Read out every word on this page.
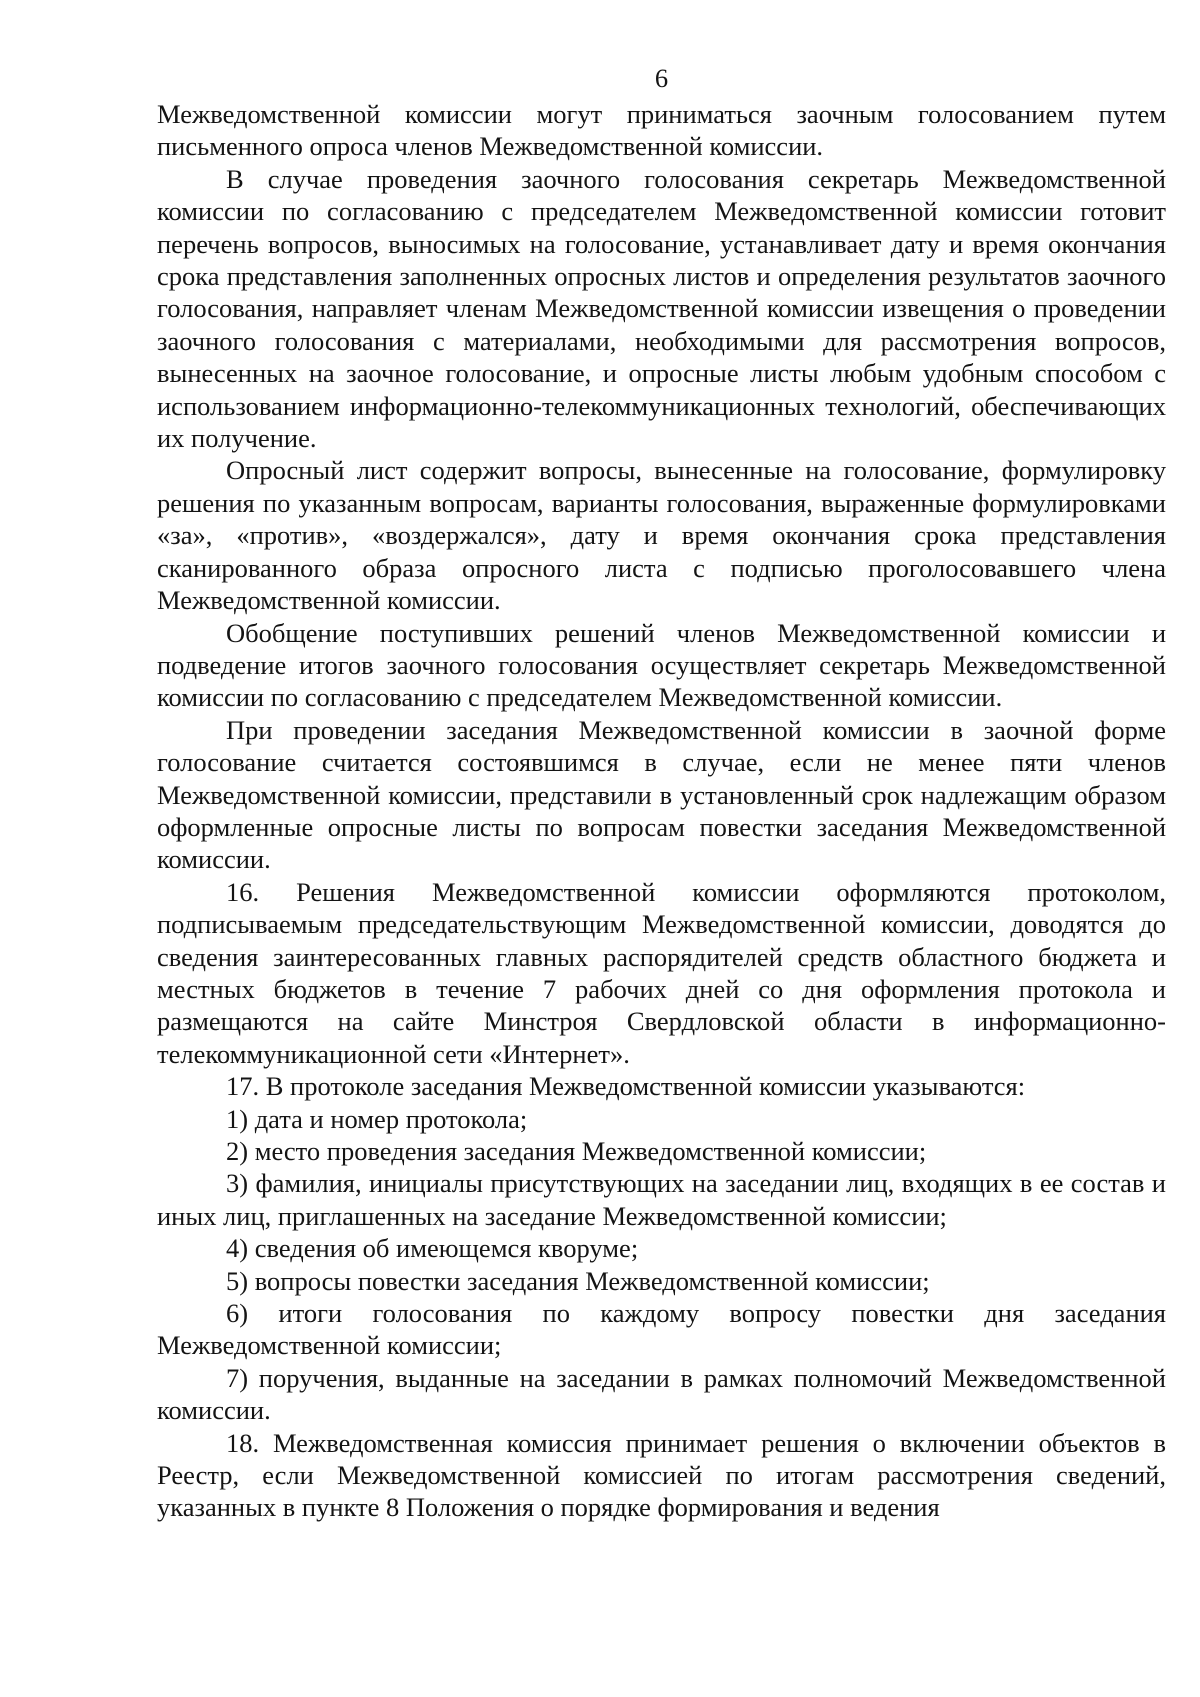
6

Межведомственной комиссии могут приниматься заочным голосованием путем письменного опроса членов Межведомственной комиссии.

В случае проведения заочного голосования секретарь Межведомственной комиссии по согласованию с председателем Межведомственной комиссии готовит перечень вопросов, выносимых на голосование, устанавливает дату и время окончания срока представления заполненных опросных листов и определения результатов заочного голосования, направляет членам Межведомственной комиссии извещения о проведении заочного голосования с материалами, необходимыми для рассмотрения вопросов, вынесенных на заочное голосование, и опросные листы любым удобным способом с использованием информационно-телекоммуникационных технологий, обеспечивающих их получение.

Опросный лист содержит вопросы, вынесенные на голосование, формулировку решения по указанным вопросам, варианты голосования, выраженные формулировками «за», «против», «воздержался», дату и время окончания срока представления сканированного образа опросного листа с подписью проголосовавшего члена Межведомственной комиссии.

Обобщение поступивших решений членов Межведомственной комиссии и подведение итогов заочного голосования осуществляет секретарь Межведомственной комиссии по согласованию с председателем Межведомственной комиссии.

При проведении заседания Межведомственной комиссии в заочной форме голосование считается состоявшимся в случае, если не менее пяти членов Межведомственной комиссии, представили в установленный срок надлежащим образом оформленные опросные листы по вопросам повестки заседания Межведомственной комиссии.

16. Решения Межведомственной комиссии оформляются протоколом, подписываемым председательствующим Межведомственной комиссии, доводятся до сведения заинтересованных главных распорядителей средств областного бюджета и местных бюджетов в течение 7 рабочих дней со дня оформления протокола и размещаются на сайте Минстроя Свердловской области в информационно-телекоммуникационной сети «Интернет».

17. В протоколе заседания Межведомственной комиссии указываются:

1) дата и номер протокола;

2) место проведения заседания Межведомственной комиссии;

3) фамилия, инициалы присутствующих на заседании лиц, входящих в ее состав и иных лиц, приглашенных на заседание Межведомственной комиссии;

4) сведения об имеющемся кворуме;

5) вопросы повестки заседания Межведомственной комиссии;

6) итоги голосования по каждому вопросу повестки дня заседания Межведомственной комиссии;

7) поручения, выданные на заседании в рамках полномочий Межведомственной комиссии.

18. Межведомственная комиссия принимает решения о включении объектов в Реестр, если Межведомственной комиссией по итогам рассмотрения сведений, указанных в пункте 8 Положения о порядке формирования и ведения
